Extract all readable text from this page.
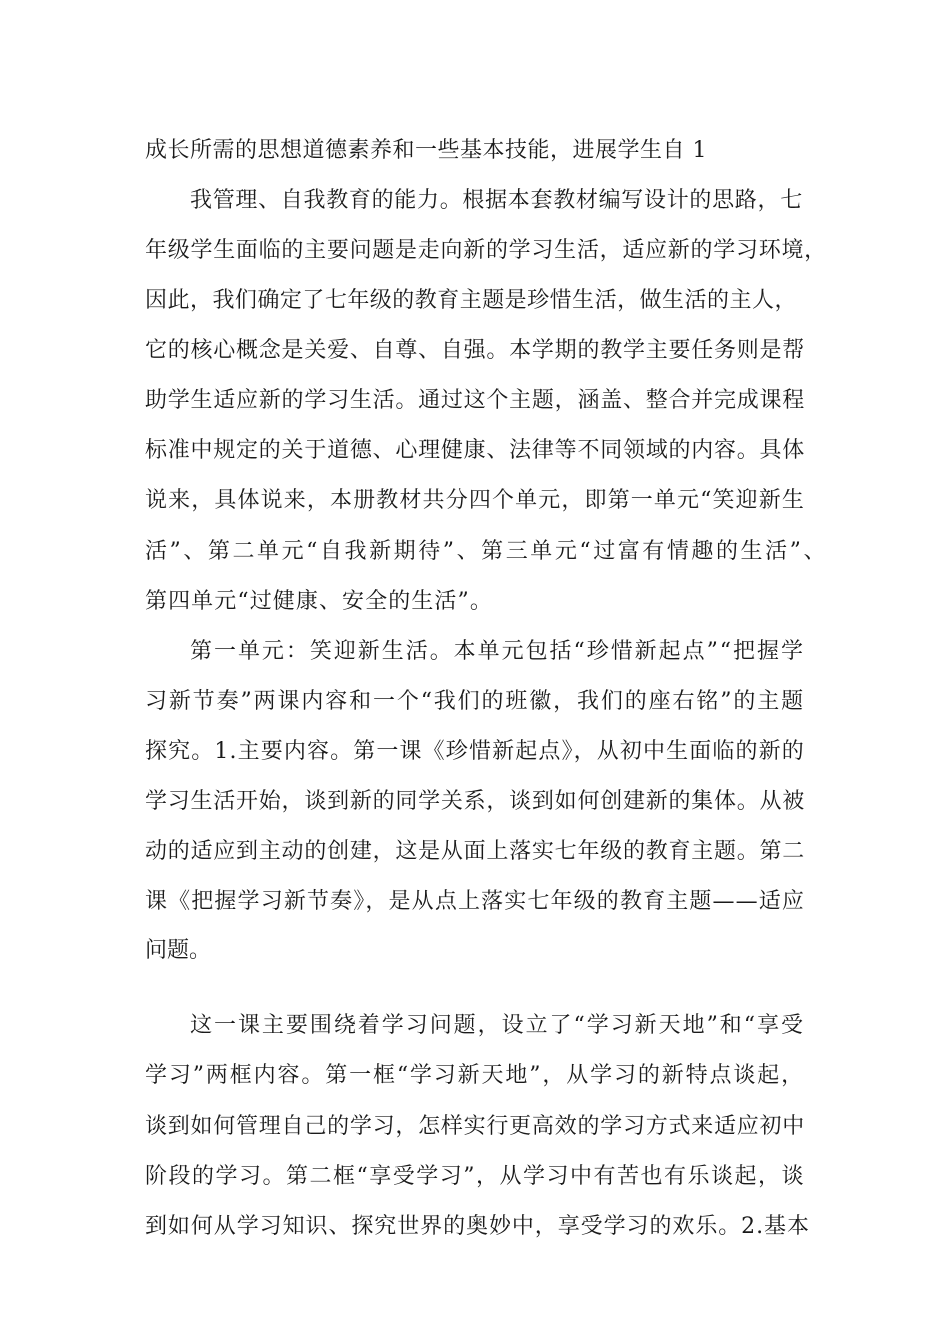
成长所需的思想道德素养和一些基本技能，进展学生自 1
我管理、自我教育的能力。根据本套教材编写设计的思路，七
年级学生面临的主要问题是走向新的学习生活，适应新的学习环境，
因此，我们确定了七年级的教育主题是珍惜生活，做生活的主人，
它的核心概念是关爱、自尊、自强。本学期的教学主要任务则是帮
助学生适应新的学习生活。通过这个主题，涵盖、整合并完成课程
标准中规定的关于道德、心理健康、法律等不同领域的内容。具体
说来，具体说来，本册教材共分四个单元，即第一单元“笑迎新生
活”、第二单元“自我新期待”、第三单元“过富有情趣的生活”、
第四单元“过健康、安全的生活”。
第一单元：笑迎新生活。本单元包括“珍惜新起点”“把握学
习新节奏”两课内容和一个“我们的班徽，我们的座右铭”的主题
探究。1.主要内容。第一课《珍惜新起点》，从初中生面临的新的
学习生活开始，谈到新的同学关系，谈到如何创建新的集体。从被
动的适应到主动的创建，这是从面上落实七年级的教育主题。第二
课《把握学习新节奏》，是从点上落实七年级的教育主题——适应
问题。
这一课主要围绕着学习问题，设立了“学习新天地”和“享受
学习”两框内容。第一框“学习新天地”，从学习的新特点谈起，
谈到如何管理自己的学习，怎样实行更高效的学习方式来适应初中
阶段的学习。第二框“享受学习”，从学习中有苦也有乐谈起，谈
到如何从学习知识、探究世界的奥妙中，享受学习的欢乐。2.基本
